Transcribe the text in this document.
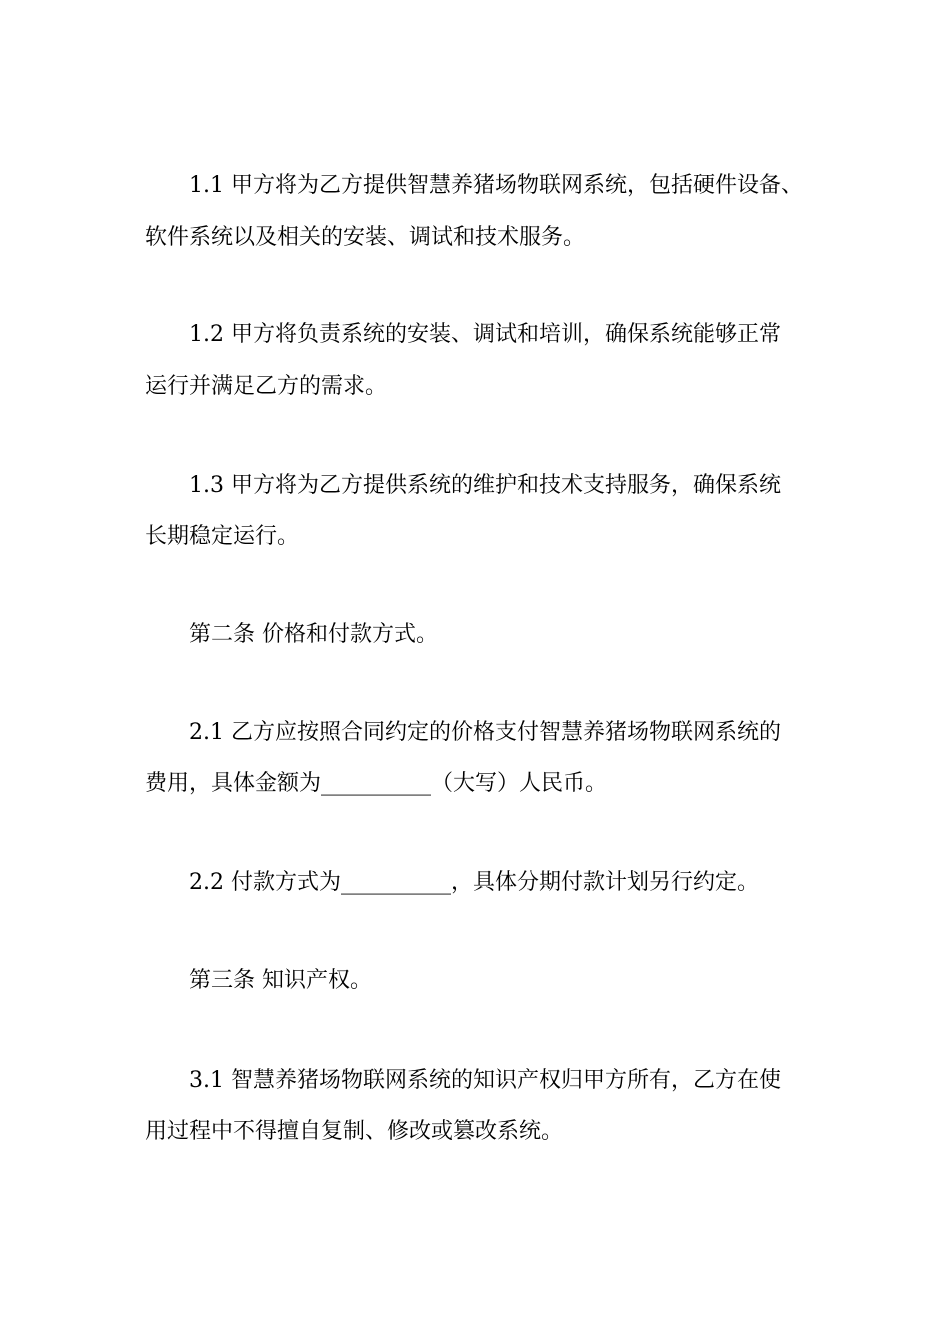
1.1 甲方将为乙方提供智慧养猪场物联网系统，包括硬件设备、
软件系统以及相关的安装、调试和技术服务。
1.2 甲方将负责系统的安装、调试和培训，确保系统能够正常
运行并满足乙方的需求。
1.3 甲方将为乙方提供系统的维护和技术支持服务，确保系统
长期稳定运行。
第二条 价格和付款方式。
2.1 乙方应按照合同约定的价格支付智慧养猪场物联网系统的
费用，具体金额为__________（大写）人民币。
2.2 付款方式为__________，具体分期付款计划另行约定。
第三条 知识产权。
3.1 智慧养猪场物联网系统的知识产权归甲方所有，乙方在使
用过程中不得擅自复制、修改或篡改系统。
